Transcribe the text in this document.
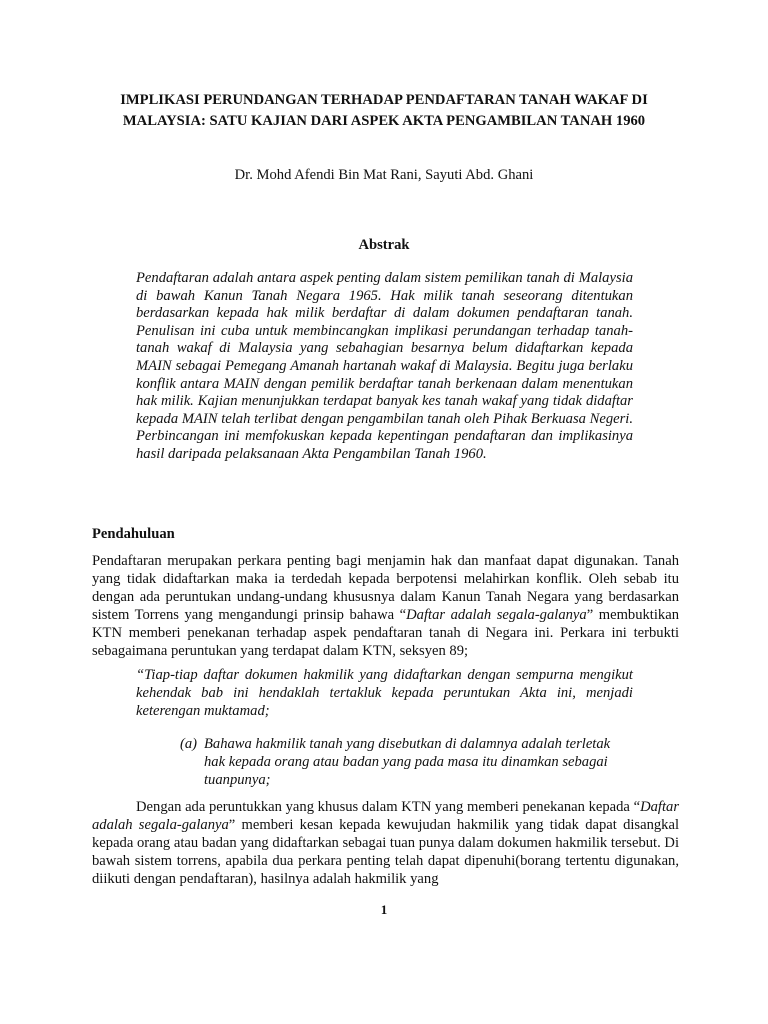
IMPLIKASI PERUNDANGAN TERHADAP PENDAFTARAN TANAH WAKAF DI MALAYSIA: SATU KAJIAN DARI ASPEK AKTA PENGAMBILAN TANAH 1960
Dr. Mohd Afendi Bin Mat Rani, Sayuti Abd. Ghani
Abstrak
Pendaftaran adalah antara aspek penting dalam sistem pemilikan tanah di Malaysia di bawah Kanun Tanah Negara 1965. Hak milik tanah seseorang ditentukan berdasarkan kepada hak milik berdaftar di dalam dokumen pendaftaran tanah. Penulisan ini cuba untuk membincangkan implikasi perundangan terhadap tanah-tanah wakaf di Malaysia yang sebahagian besarnya belum didaftarkan kepada MAIN sebagai Pemegang Amanah hartanah wakaf di Malaysia. Begitu juga berlaku konflik antara MAIN dengan pemilik berdaftar tanah berkenaan dalam menentukan hak milik. Kajian menunjukkan terdapat banyak kes tanah wakaf yang tidak didaftar kepada MAIN telah terlibat dengan pengambilan tanah oleh Pihak Berkuasa Negeri. Perbincangan ini memfokuskan kepada kepentingan pendaftaran dan implikasinya hasil daripada pelaksanaan Akta Pengambilan Tanah 1960.
Pendahuluan
Pendaftaran merupakan perkara penting bagi menjamin hak dan manfaat dapat digunakan. Tanah yang tidak didaftarkan maka ia terdedah kepada berpotensi melahirkan konflik. Oleh sebab itu dengan ada peruntukan undang-undang khususnya dalam Kanun Tanah Negara yang berdasarkan sistem Torrens yang mengandungi prinsip bahawa “Daftar adalah segala-galanya” membuktikan KTN memberi penekanan terhadap aspek pendaftaran tanah di Negara ini. Perkara ini terbukti sebagaimana peruntukan yang terdapat dalam KTN, seksyen 89;
“Tiap-tiap daftar dokumen hakmilik yang didaftarkan dengan sempurna mengikut kehendak bab ini hendaklah tertakluk kepada peruntukan Akta ini, menjadi keterengan muktamad;
(a) Bahawa hakmilik tanah yang disebutkan di dalamnya adalah terletak hak kepada orang atau badan yang pada masa itu dinamkan sebagai tuanpunya;
Dengan ada peruntukkan yang khusus dalam KTN yang memberi penekanan kepada “Daftar adalah segala-galanya” memberi kesan kepada kewujudan hakmilik yang tidak dapat disangkal kepada orang atau badan yang didaftarkan sebagai tuan punya dalam dokumen hakmilik tersebut. Di bawah sistem torrens, apabila dua perkara penting telah dapat dipenuhi(borang tertentu digunakan, diikuti dengan pendaftaran), hasilnya adalah hakmilik yang
1
